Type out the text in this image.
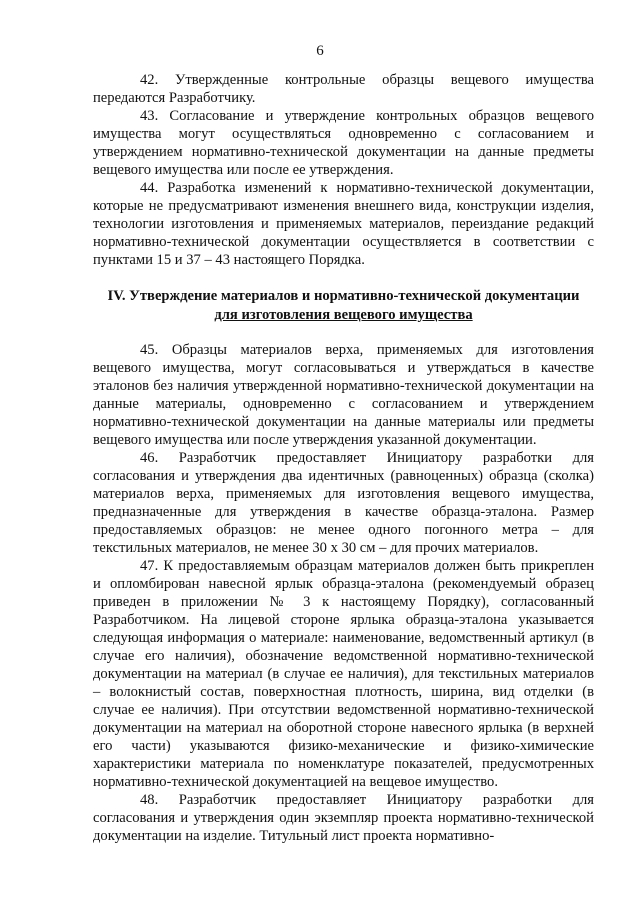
6

42. Утвержденные контрольные образцы вещевого имущества передаются Разработчику.

43. Согласование и утверждение контрольных образцов вещевого имущества могут осуществляться одновременно с согласованием и утверждением нормативно-технической документации на данные предметы вещевого имущества или после ее утверждения.

44. Разработка изменений к нормативно-технической документации, которые не предусматривают изменения внешнего вида, конструкции изделия, технологии изготовления и применяемых материалов, переиздание редакций нормативно-технической документации осуществляется в соответствии с пунктами 15 и 37 – 43 настоящего Порядка.

IV. Утверждение материалов и нормативно-технической документации
для изготовления вещевого имущества

45. Образцы материалов верха, применяемых для изготовления вещевого имущества, могут согласовываться и утверждаться в качестве эталонов без наличия утвержденной нормативно-технической документации на данные материалы, одновременно с согласованием и утверждением нормативно-технической документации на данные материалы или предметы вещевого имущества или после утверждения указанной документации.

46. Разработчик предоставляет Инициатору разработки для согласования и утверждения два идентичных (равноценных) образца (сколка) материалов верха, применяемых для изготовления вещевого имущества, предназначенные для утверждения в качестве образца-эталона. Размер предоставляемых образцов: не менее одного погонного метра – для текстильных материалов, не менее 30 х 30 см – для прочих материалов.

47. К предоставляемым образцам материалов должен быть прикреплен и опломбирован навесной ярлык образца-эталона (рекомендуемый образец приведен в приложении № 3 к настоящему Порядку), согласованный Разработчиком. На лицевой стороне ярлыка образца-эталона указывается следующая информация о материале: наименование, ведомственный артикул (в случае его наличия), обозначение ведомственной нормативно-технической документации на материал (в случае ее наличия), для текстильных материалов – волокнистый состав, поверхностная плотность, ширина, вид отделки (в случае ее наличия). При отсутствии ведомственной нормативно-технической документации на материал на оборотной стороне навесного ярлыка (в верхней его части) указываются физико-механические и физико-химические характеристики материала по номенклатуре показателей, предусмотренных нормативно-технической документацией на вещевое имущество.

48. Разработчик предоставляет Инициатору разработки для согласования и утверждения один экземпляр проекта нормативно-технической документации на изделие. Титульный лист проекта нормативно-
